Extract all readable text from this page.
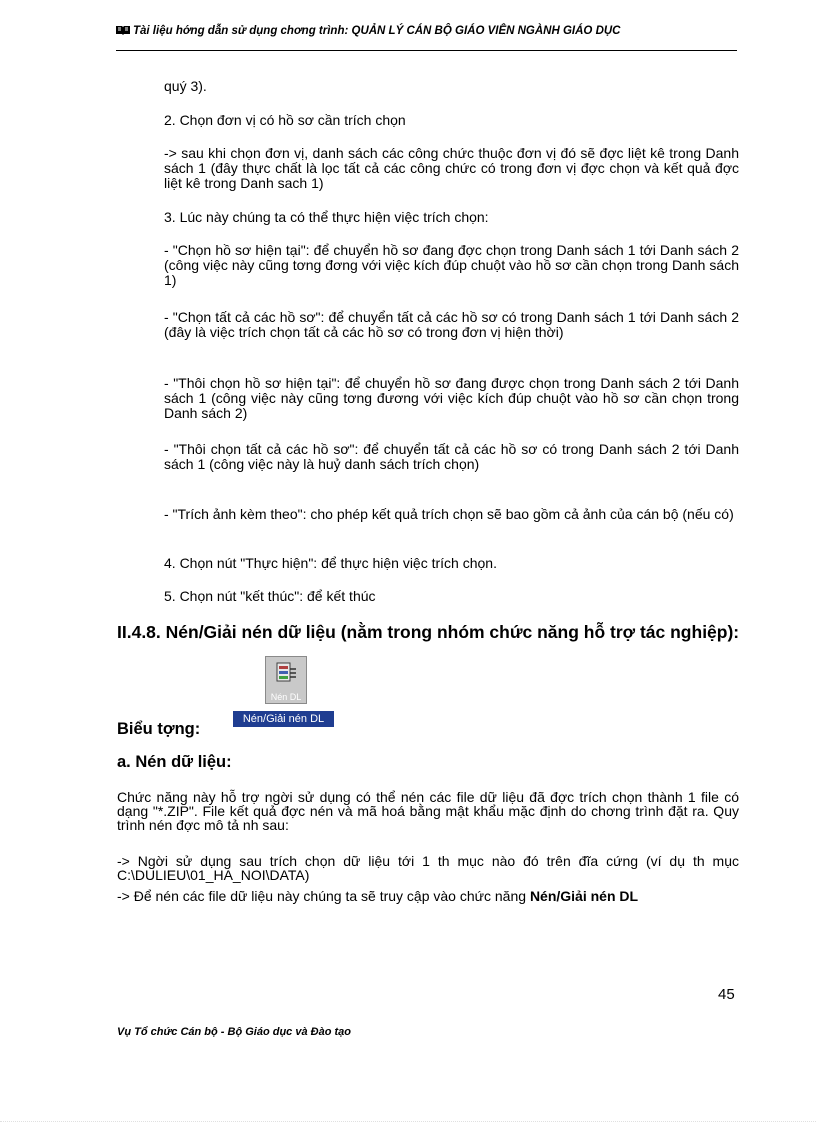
Tài liệu hớng dẫn sử dụng chơng trình: QUẢN LÝ CÁN BỘ GIÁO VIÊN NGÀNH GIÁO DỤC
quý 3).
2. Chọn đơn vị có hồ sơ cần trích chọn
-> sau khi chọn đơn vị, danh sách các công chức thuộc đơn vị đó sẽ đợc liệt kê trong Danh sách 1 (đây thực chất là lọc tất cả các công chức có trong đơn vị đợc chọn và kết quả đợc liệt kê trong Danh sach 1)
3. Lúc này chúng ta có thể thực hiện việc trích chọn:
- "Chọn hồ sơ hiện tại": để chuyển hồ sơ đang đợc chọn trong Danh sách 1 tới Danh sách 2 (công việc này cũng tơng đơng với việc kích đúp chuột vào hồ sơ cần chọn trong Danh sách 1)
- "Chọn tất cả các hồ sơ": để chuyển tất cả các hồ sơ có trong Danh sách 1 tới Danh sách 2 (đây là việc trích chọn tất cả các hồ sơ có trong đơn vị hiện thời)
- "Thôi chọn hồ sơ hiện tại": để chuyển hồ sơ đang được chọn trong Danh sách 2 tới Danh sách 1 (công việc này cũng tơng đương với việc kích đúp chuột vào hồ sơ cần chọn trong Danh sách 2)
- "Thôi chọn tất cả các hồ sơ": để chuyển tất cả các hồ sơ có trong Danh sách 2 tới Danh sách 1 (công việc này là huỷ danh sách trích chọn)
- "Trích ảnh kèm theo": cho phép kết quả trích chọn sẽ bao gồm cả ảnh của cán bộ (nếu có)
4. Chọn nút "Thực hiện": để thực hiện việc trích chọn.
5. Chọn nút "kết thúc": để kết thúc
II.4.8. Nén/Giải nén dữ liệu (nằm trong nhóm chức năng hỗ trợ tác nghiệp):
Nén DL
Nén/Giải nén DL
Biểu tợng:
a. Nén dữ liệu:
Chức năng này hỗ trợ ngời sử dụng có thể nén các file dữ liệu đã đợc trích chọn thành 1 file có dạng "*.ZIP". File kết quả đợc nén và mã hoá bằng mật khẩu mặc định do chơng trình đặt ra. Quy trình nén đợc mô tả nh sau:
-> Ngời sử dụng sau trích chọn dữ liệu tới 1 th mục nào đó trên đĩa cứng (ví dụ th mục C:\DULIEU\01_HA_NOI\DATA)
-> Để nén các file dữ liệu này chúng ta sẽ truy cập vào chức năng Nén/Giải nén DL
45
Vụ Tổ chức Cán bộ - Bộ Giáo dục và Đào tạo
